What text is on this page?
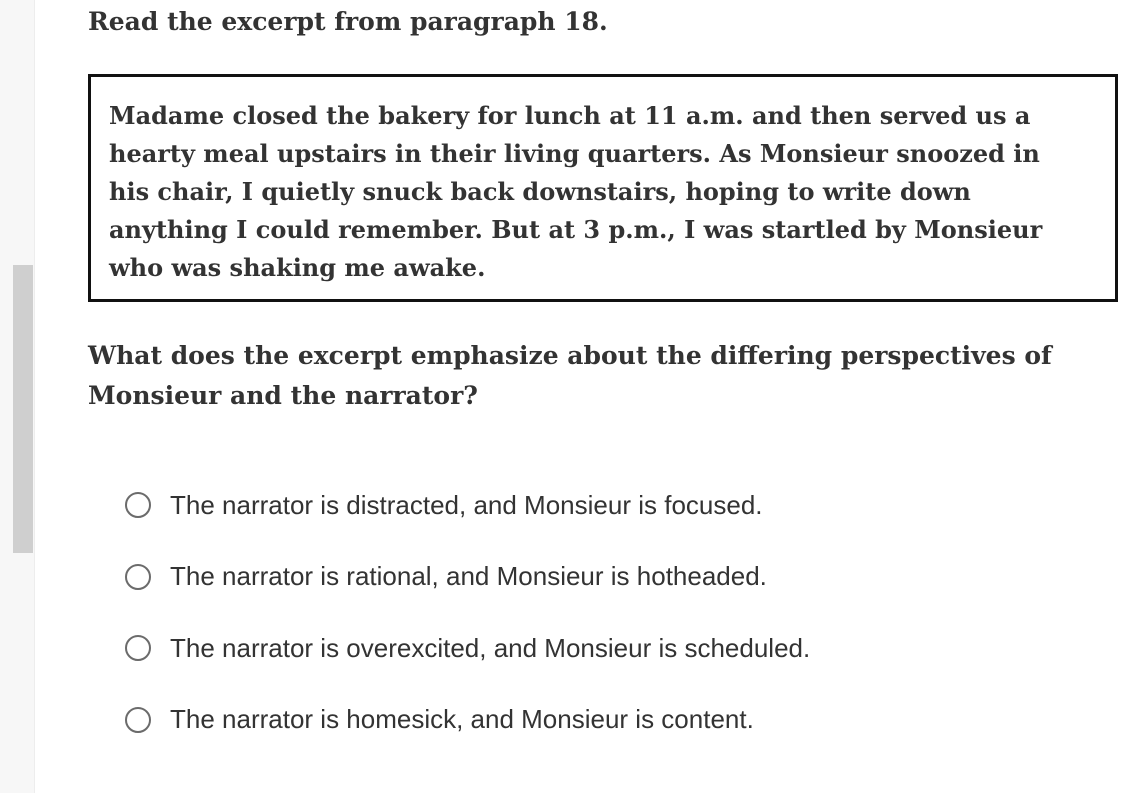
Read the excerpt from paragraph 18.
Madame closed the bakery for lunch at 11 a.m. and then served us a
hearty meal upstairs in their living quarters. As Monsieur snoozed in
his chair, I quietly snuck back downstairs, hoping to write down
anything I could remember. But at 3 p.m., I was startled by Monsieur
who was shaking me awake.
What does the excerpt emphasize about the differing perspectives of
Monsieur and the narrator?
The narrator is distracted, and Monsieur is focused.
The narrator is rational, and Monsieur is hotheaded.
The narrator is overexcited, and Monsieur is scheduled.
The narrator is homesick, and Monsieur is content.
